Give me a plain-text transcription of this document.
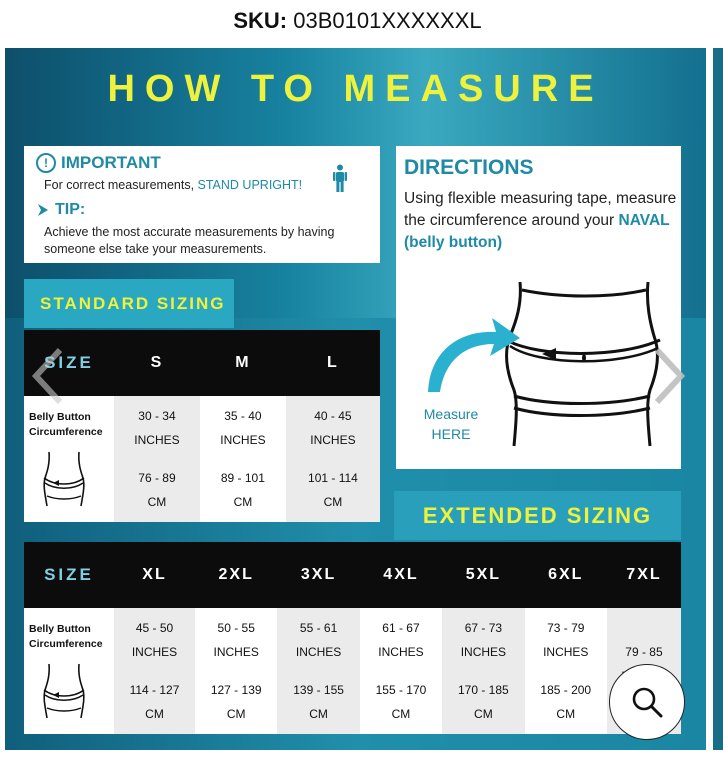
SKU: 03B0101XXXXXXL
HOW TO MEASURE
! IMPORTANT
For correct measurements, STAND UPRIGHT!
TIP:
Achieve the most accurate measurements by having someone else take your measurements.
DIRECTIONS
Using flexible measuring tape, measure the circumference around your NAVAL (belly button)
Measure
HERE
STANDARD SIZING
SIZE	S	M	L
Belly Button
Circumference	30 - 34
INCHES
76 - 89
CM	35 - 40
INCHES
89 - 101
CM	40 - 45
INCHES
101 - 114
CM
EXTENDED SIZING
SIZE	XL	2XL	3XL	4XL	5XL	6XL	7XL
Belly Button
Circumference	45 - 50
INCHES
114 - 127
CM	50 - 55
INCHES
127 - 139
CM	55 - 61
INCHES
139 - 155
CM	61 - 67
INCHES
155 - 170
CM	67 - 73
INCHES
170 - 185
CM	73 - 79
INCHES
185 - 200
CM	79 - 85
